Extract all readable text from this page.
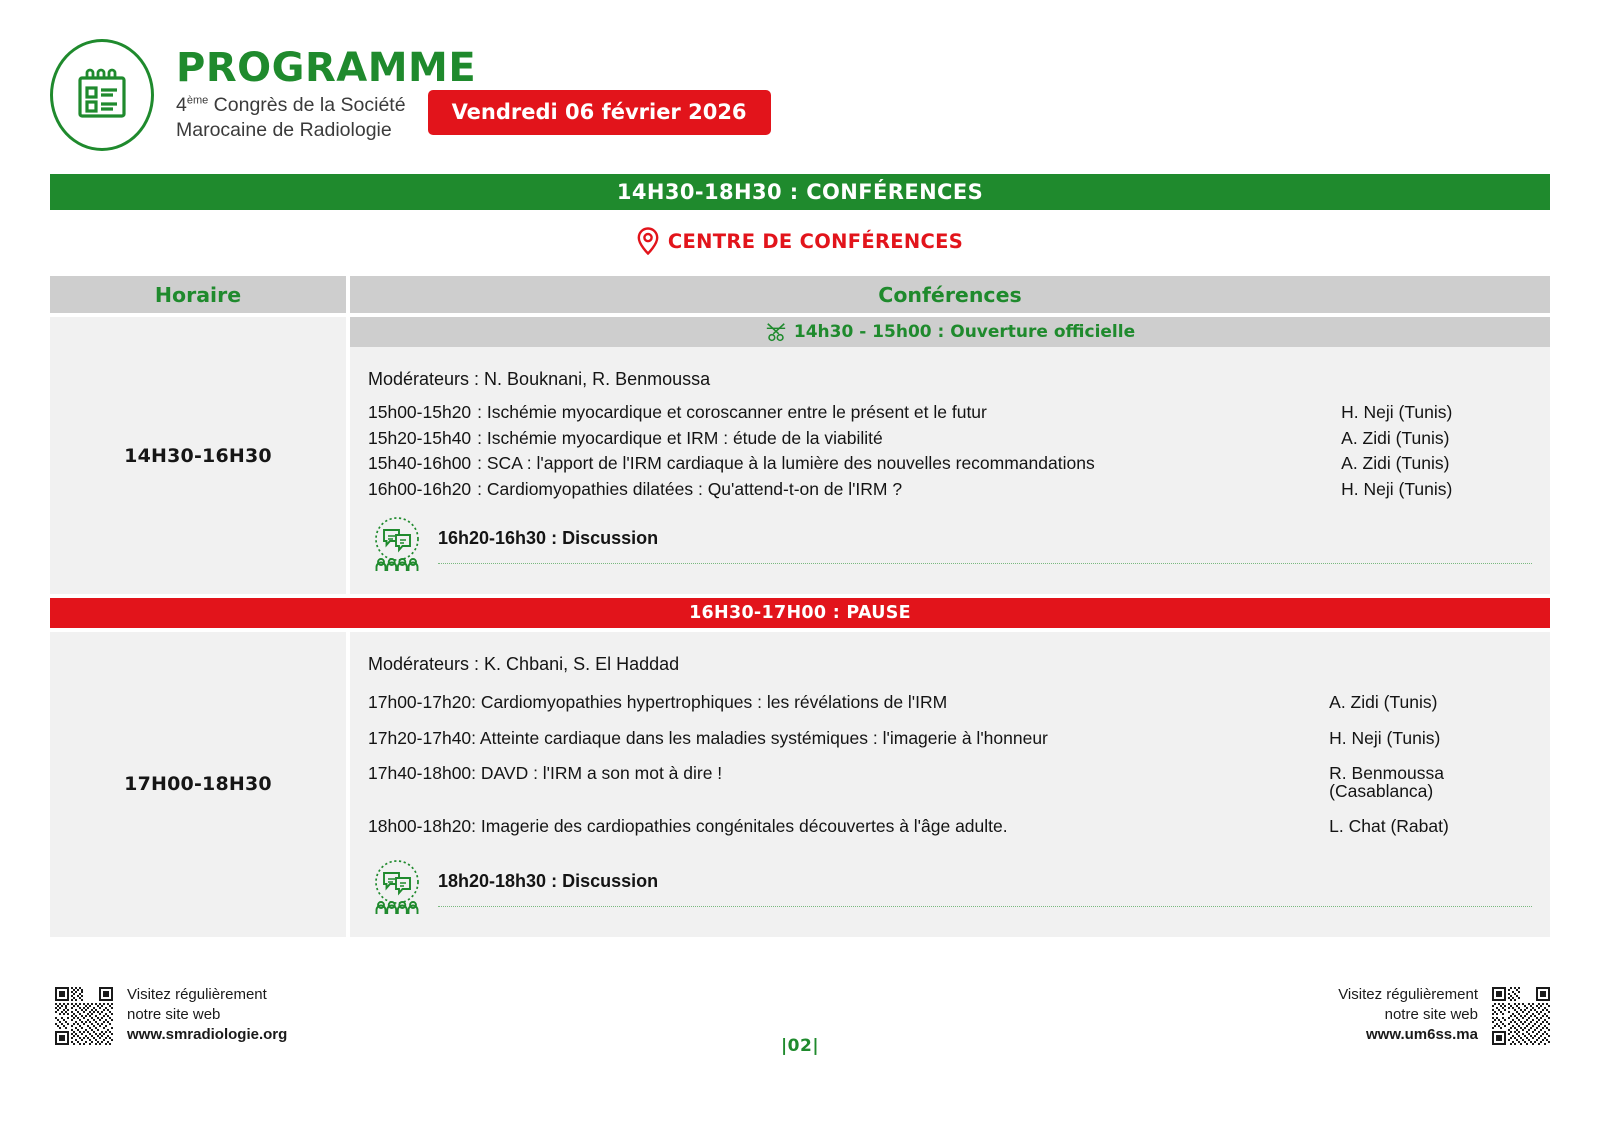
PROGRAMME
4ème Congrès de la Société
Marocaine de Radiologie
Vendredi 06 février 2026
14H30-18H30 : CONFÉRENCES
CENTRE DE CONFÉRENCES
Horaire	Conférences
14H30-16H30
14h30 - 15h00 : Ouverture officielle
Modérateurs : N. Bouknani, R. Benmoussa
15h00-15h20 : Ischémie myocardique et coroscanner entre le présent et le futur	H. Neji (Tunis)
15h20-15h40 : Ischémie myocardique et IRM : étude de la viabilité	A. Zidi (Tunis)
15h40-16h00 : SCA : l'apport de l'IRM cardiaque à la lumière des nouvelles recommandations	A. Zidi (Tunis)
16h00-16h20 : Cardiomyopathies dilatées : Qu'attend-t-on de l'IRM ?	H. Neji (Tunis)
16h20-16h30 : Discussion
16H30-17H00 : PAUSE
17H00-18H30
Modérateurs : K. Chbani, S. El Haddad
17h00-17h20 : Cardiomyopathies hypertrophiques : les révélations de l'IRM	A. Zidi (Tunis)
17h20-17h40 : Atteinte cardiaque dans les maladies systémiques : l'imagerie à l'honneur	H. Neji (Tunis)
17h40-18h00 : DAVD : l'IRM a son mot à dire !	R. Benmoussa (Casablanca)
18h00-18h20 : Imagerie des cardiopathies congénitales découvertes à l'âge adulte.	L. Chat (Rabat)
18h20-18h30 : Discussion
Visitez régulièrement
notre site web
www.smradiologie.org
Visitez régulièrement
notre site web
www.um6ss.ma
|02|
